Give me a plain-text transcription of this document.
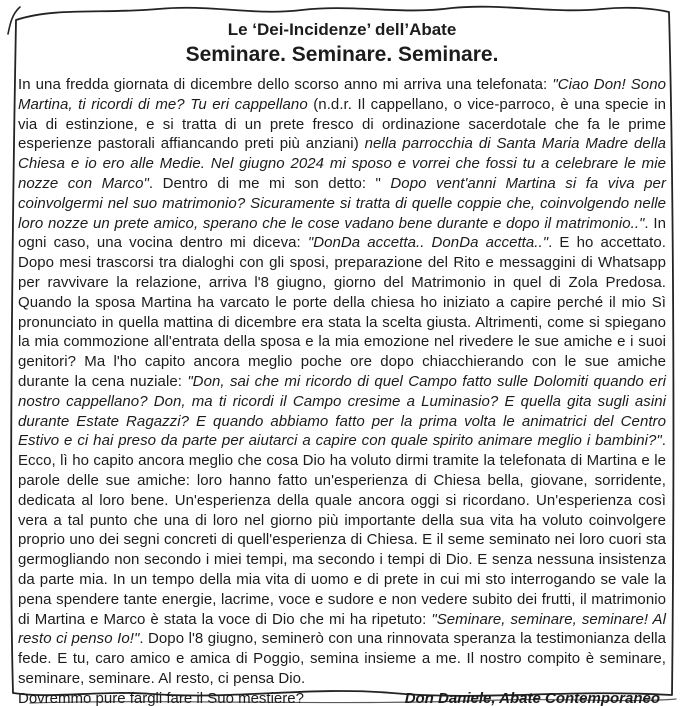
Le ‘Dei-Incidenze’ dell’Abate
Seminare. Seminare. Seminare.

In una fredda giornata di dicembre dello scorso anno mi arriva una telefonata: "Ciao Don! Sono Martina, ti ricordi di me? Tu eri cappellano (n.d.r. Il cappellano, o vice-parroco, è una specie in via di estinzione, e si tratta di un prete fresco di ordinazione sacerdotale che fa le prime esperienze pastorali affiancando preti più anziani) nella parrocchia di Santa Maria Madre della Chiesa e io ero alle Medie. Nel giugno 2024 mi sposo e vorrei che fossi tu a celebrare le mie nozze con Marco". Dentro di me mi son detto: " Dopo vent'anni Martina si fa viva per coinvolgermi nel suo matrimonio? Sicuramente si tratta di quelle coppie che, coinvolgendo nelle loro nozze un prete amico, sperano che le cose vadano bene durante e dopo il matrimonio..". In ogni caso, una vocina dentro mi diceva: "DonDa accetta.. DonDa accetta..". E ho accettato. Dopo mesi trascorsi tra dialoghi con gli sposi, preparazione del Rito e messaggini di Whatsapp per ravvivare la relazione, arriva l'8 giugno, giorno del Matrimonio in quel di Zola Predosa. Quando la sposa Martina ha varcato le porte della chiesa ho iniziato a capire perché il mio Sì pronunciato in quella mattina di dicembre era stata la scelta giusta. Altrimenti, come si spiegano la mia commozione all'entrata della sposa e la mia emozione nel rivedere le sue amiche e i suoi genitori? Ma l'ho capito ancora meglio poche ore dopo chiacchierando con le sue amiche durante la cena nuziale: "Don, sai che mi ricordo di quel Campo fatto sulle Dolomiti quando eri nostro cappellano? Don, ma ti ricordi il Campo cresime a Luminasio? E quella gita sugli asini durante Estate Ragazzi? E quando abbiamo fatto per la prima volta le animatrici del Centro Estivo e ci hai preso da parte per aiutarci a capire con quale spirito animare meglio i bambini?". Ecco, lì ho capito ancora meglio che cosa Dio ha voluto dirmi tramite la telefonata di Martina e le parole delle sue amiche: loro hanno fatto un'esperienza di Chiesa bella, giovane, sorridente, dedicata al loro bene. Un'esperienza della quale ancora oggi si ricordano. Un'esperienza così vera a tal punto che una di loro nel giorno più importante della sua vita ha voluto coinvolgere proprio uno dei segni concreti di quell'esperienza di Chiesa. E il seme seminato nei loro cuori sta germogliando non secondo i miei tempi, ma secondo i tempi di Dio. E senza nessuna insistenza da parte mia. In un tempo della mia vita di uomo e di prete in cui mi sto interrogando se vale la pena spendere tante energie, lacrime, voce e sudore e non vedere subito dei frutti, il matrimonio di Martina e Marco è stata la voce di Dio che mi ha ripetuto: "Seminare, seminare, seminare! Al resto ci penso Io!". Dopo l'8 giugno, seminerò con una rinnovata speranza la testimonianza della fede. E tu, caro amico e amica di Poggio, semina insieme a me. Il nostro compito è seminare, seminare, seminare. Al resto, ci pensa Dio.

Dovremmo pure fargli fare il Suo mestiere?	Don Daniele, Abate Contemporaneo
